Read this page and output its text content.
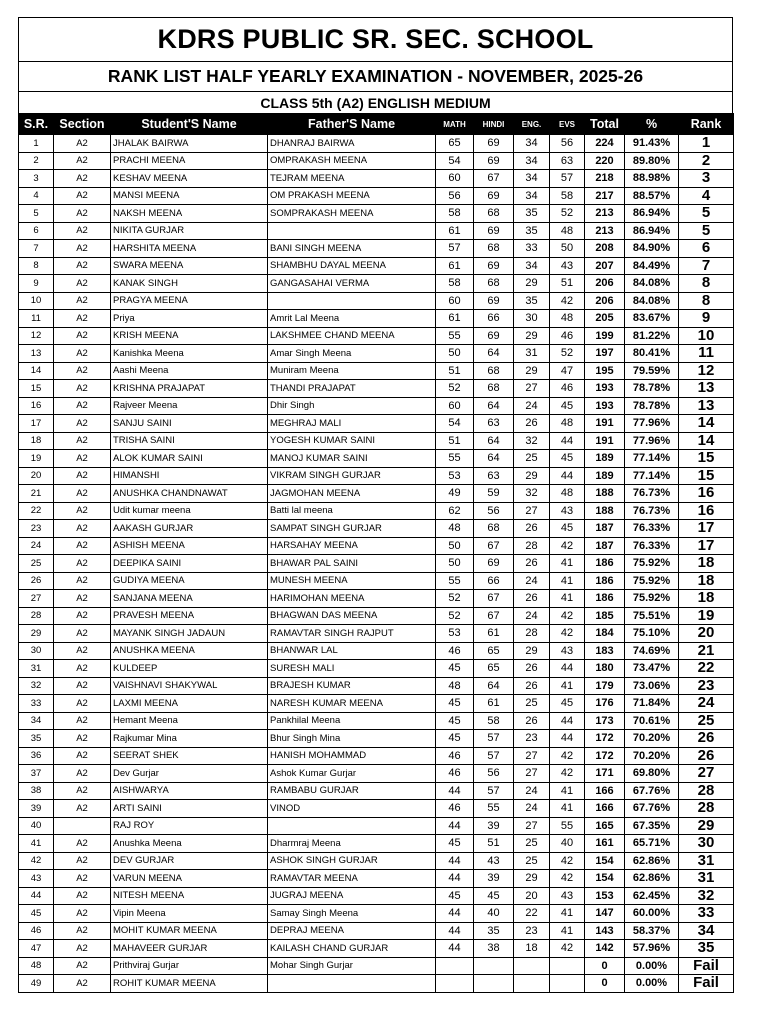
KDRS PUBLIC SR. SEC. SCHOOL
RANK LIST HALF YEARLY EXAMINATION - NOVEMBER, 2025-26
CLASS 5th (A2) ENGLISH MEDIUM
S.R.	Section	Student'S Name	Father'S Name	MATH	HINDI	ENG.	EVS	Total	%	Rank
1	A2	JHALAK BAIRWA	DHANRAJ BAIRWA	65	69	34	56	224	91.43%	1
2	A2	PRACHI MEENA	OMPRAKASH MEENA	54	69	34	63	220	89.80%	2
3	A2	KESHAV MEENA	TEJRAM MEENA	60	67	34	57	218	88.98%	3
4	A2	MANSI MEENA	OM PRAKASH MEENA	56	69	34	58	217	88.57%	4
5	A2	NAKSH MEENA	SOMPRAKASH MEENA	58	68	35	52	213	86.94%	5
6	A2	NIKITA GURJAR		61	69	35	48	213	86.94%	5
7	A2	HARSHITA MEENA	BANI SINGH MEENA	57	68	33	50	208	84.90%	6
8	A2	SWARA MEENA	SHAMBHU DAYAL MEENA	61	69	34	43	207	84.49%	7
9	A2	KANAK SINGH	GANGASAHAI VERMA	58	68	29	51	206	84.08%	8
10	A2	PRAGYA MEENA		60	69	35	42	206	84.08%	8
11	A2	Priya	Amrit Lal Meena	61	66	30	48	205	83.67%	9
12	A2	KRISH MEENA	LAKSHMEE CHAND MEENA	55	69	29	46	199	81.22%	10
13	A2	Kanishka Meena	Amar Singh Meena	50	64	31	52	197	80.41%	11
14	A2	Aashi Meena	Muniram Meena	51	68	29	47	195	79.59%	12
15	A2	KRISHNA PRAJAPAT	THANDI PRAJAPAT	52	68	27	46	193	78.78%	13
16	A2	Rajveer Meena	Dhir Singh	60	64	24	45	193	78.78%	13
17	A2	SANJU SAINI	MEGHRAJ MALI	54	63	26	48	191	77.96%	14
18	A2	TRISHA SAINI	YOGESH KUMAR SAINI	51	64	32	44	191	77.96%	14
19	A2	ALOK KUMAR SAINI	MANOJ KUMAR SAINI	55	64	25	45	189	77.14%	15
20	A2	HIMANSHI	VIKRAM SINGH GURJAR	53	63	29	44	189	77.14%	15
21	A2	ANUSHKA CHANDNAWAT	JAGMOHAN MEENA	49	59	32	48	188	76.73%	16
22	A2	Udit kumar meena	Batti lal meena	62	56	27	43	188	76.73%	16
23	A2	AAKASH GURJAR	SAMPAT SINGH GURJAR	48	68	26	45	187	76.33%	17
24	A2	ASHISH MEENA	HARSAHAY MEENA	50	67	28	42	187	76.33%	17
25	A2	DEEPIKA SAINI	BHAWAR PAL SAINI	50	69	26	41	186	75.92%	18
26	A2	GUDIYA MEENA	MUNESH MEENA	55	66	24	41	186	75.92%	18
27	A2	SANJANA MEENA	HARIMOHAN MEENA	52	67	26	41	186	75.92%	18
28	A2	PRAVESH MEENA	BHAGWAN DAS MEENA	52	67	24	42	185	75.51%	19
29	A2	MAYANK SINGH JADAUN	RAMAVTAR SINGH RAJPUT	53	61	28	42	184	75.10%	20
30	A2	ANUSHKA MEENA	BHANWAR LAL	46	65	29	43	183	74.69%	21
31	A2	KULDEEP	SURESH MALI	45	65	26	44	180	73.47%	22
32	A2	VAISHNAVI SHAKYWAL	BRAJESH KUMAR	48	64	26	41	179	73.06%	23
33	A2	LAXMI MEENA	NARESH KUMAR MEENA	45	61	25	45	176	71.84%	24
34	A2	Hemant Meena	Pankhilal Meena	45	58	26	44	173	70.61%	25
35	A2	Rajkumar Mina	Bhur Singh Mina	45	57	23	44	172	70.20%	26
36	A2	SEERAT SHEK	HANISH MOHAMMAD	46	57	27	42	172	70.20%	26
37	A2	Dev Gurjar	Ashok Kumar Gurjar	46	56	27	42	171	69.80%	27
38	A2	AISHWARYA	RAMBABU GURJAR	44	57	24	41	166	67.76%	28
39	A2	ARTI SAINI	VINOD	46	55	24	41	166	67.76%	28
40		RAJ ROY		44	39	27	55	165	67.35%	29
41	A2	Anushka Meena	Dharmraj Meena	45	51	25	40	161	65.71%	30
42	A2	DEV GURJAR	ASHOK SINGH GURJAR	44	43	25	42	154	62.86%	31
43	A2	VARUN MEENA	RAMAVTAR MEENA	44	39	29	42	154	62.86%	31
44	A2	NITESH MEENA	JUGRAJ MEENA	45	45	20	43	153	62.45%	32
45	A2	Vipin Meena	Samay Singh Meena	44	40	22	41	147	60.00%	33
46	A2	MOHIT KUMAR MEENA	DEPRAJ MEENA	44	35	23	41	143	58.37%	34
47	A2	MAHAVEER GURJAR	KAILASH CHAND GURJAR	44	38	18	42	142	57.96%	35
48	A2	Prithviraj Gurjar	Mohar Singh Gurjar					0	0.00%	Fail
49	A2	ROHIT KUMAR MEENA						0	0.00%	Fail
